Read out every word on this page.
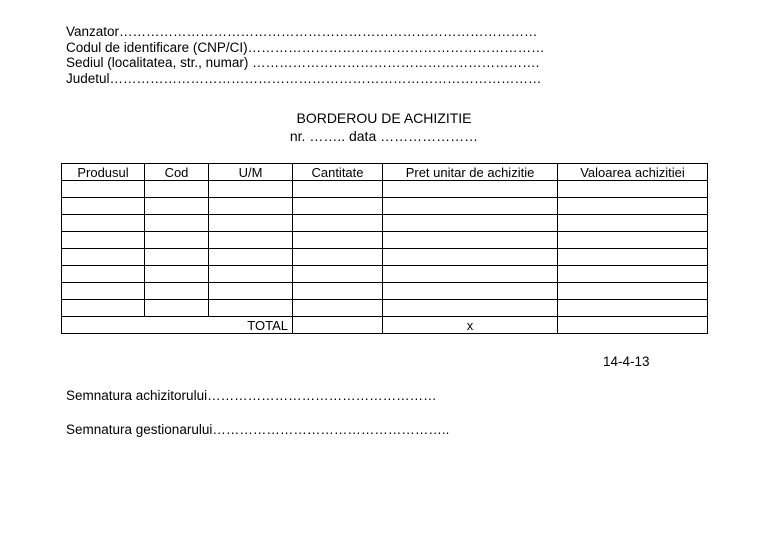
Vanzator…………………………………………………………………………………
Codul de identificare (CNP/CI)…………………………………………………………
Sediul (localitatea, str., numar) ……………………………………………………….
Judetul……………………………………………………………………………………
BORDEROU DE ACHIZITIE
nr. …….. data …………………
Produsul	Cod	U/M	Cantitate	Pret unitar de achizitie	Valoarea achizitiei

TOTAL				x	
14-4-13
Semnatura achizitorului……………………………………………
Semnatura gestionarului……………………………………………..
